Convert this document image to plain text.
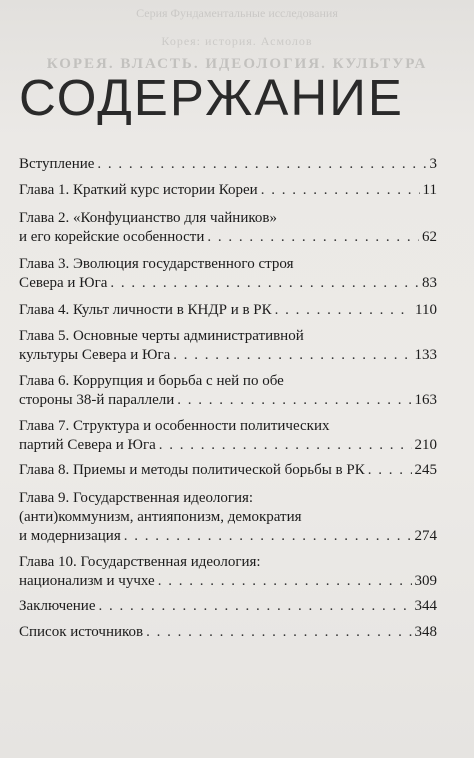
Серия Фундаментальные исследования
Корея: история. Асмолов
КОРЕЯ. ВЛАСТЬ. ИДЕОЛОГИЯ. КУЛЬТУРА
СОДЕРЖАНИЕ
Вступление . . .	3
Глава 1. Краткий курс истории Кореи . . .	11
Глава 2. «Конфуцианство для чайников»
и его корейские особенности . . .	62
Глава 3. Эволюция государственного строя
Севера и Юга . . .	83
Глава 4. Культ личности в КНДР и в РК . . .	110
Глава 5. Основные черты административной
культуры Севера и Юга . . .	133
Глава 6. Коррупция и борьба с ней по обе
стороны 38-й параллели . . .	163
Глава 7. Структура и особенности политических
партий Севера и Юга . . .	210
Глава 8. Приемы и методы политической борьбы в РК . . .	245
Глава 9. Государственная идеология:
(анти)коммунизм, антияпонизм, демократия
и модернизация . . .	274
Глава 10. Государственная идеология:
национализм и чучхе . . .	309
Заключение . . .	344
Список источников . . .	348
